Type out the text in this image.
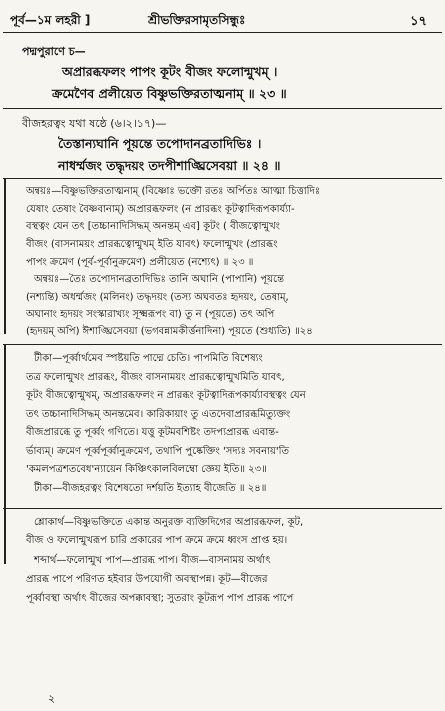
পূর্ব—১ম লহরী ]	শ্রীভক্তিরসামৃতসিন্ধুঃ	১৭
পদ্মপুরাণে চ—
অপ্রারব্ধফলং পাপং কূটং বীজং ফলোন্মুখম্ ।
ক্রমেণৈব প্রলীয়েত বিষ্ণুভক্তিরতাত্মনাম্ ॥ ২৩ ॥
বীজহরত্বং যথা ষষ্ঠে (৬।২।১৭)—
তৈস্তান্যঘানি পূয়ন্তে তপোদানব্রতাদিভিঃ ।
নাধর্ম্মজং তদ্ধৃদয়ং তদপীশাঙ্ঘ্রিসেবয়া ॥ ২৪ ॥
অন্বয়ঃ—বিষ্ণুভক্তিরতাত্মনাম্ (বিষ্ণোঃ ভক্তৌ রতঃ অর্পিতঃ আত্মা চিত্তাদিঃ
যেষাং তেষাং বৈষ্ণবানাম্) অপ্রারব্ধফলং (ন প্রারব্ধং কূটত্বাদিরূপকার্য্যা-
বস্থত্বং যেন তৎ [তচ্চানাদিসিদ্ধম্ অনন্তম্ এব] কূটং ( বীজত্বোন্মুখং
বীজং (বাসনাময়ং প্রারব্ধত্বোন্মুখম্ ইতি যাবৎ) ফলোন্মুখং (প্রারব্ধং
পাপং ক্রমেণ (পূর্ব-পূর্বানুক্রমেণ) প্রলীয়েত (নশ্যেৎ) ॥ ২৩ ॥
অন্বয়ঃ—তৈঃ তপোদানব্রতাদিভিঃ তানি অঘানি (পাপানি) পূয়ন্তে
(নশ্যন্তি) অধর্ম্মজং (মলিনং) তদ্ধৃদয়ং (তস্য অঘবতঃ হৃদয়ং, তেষাম্,
অঘানাং হৃদয়ং সংস্কারাখ্যং সূক্ষ্মরূপং বা) তু ন (পূয়তে) তৎ অপি
(হৃদয়ম্ অপি) ঈশাঙ্ঘ্রিসেবয়া (ভগবন্নামকীর্ত্তনাদিনা) পূয়তে (শুধ্যতি) ॥২৪
টীকা—পূর্ব্বার্থমেব স্পষ্টয়তি পাদ্মে চেতি। পাপমিতি বিশেষ্যং
তত্র ফলোন্মুখং প্রারব্ধং, বীজং বাসনাময়ং প্রারব্ধত্বোন্মুখমিতি যাবৎ,
কূটং বীজত্বোন্মুখম্, অপ্রারব্ধফলং ন প্রারব্ধং কূটত্বাদিরূপকার্য্যাবস্থত্বং যেন
তৎ তচ্চানাদিসিদ্ধম্ অনন্তমেব। কারিকায়াং তু এতদেবাপ্রারব্ধমিত্যুক্তং
বীজপ্রারব্ধে তু পূর্ব্বং গণিতে। যত্তু কূটমবশিষ্টং তদপ্যপ্রারব্ধ এবান্ত-
র্ভাব্যম্। ক্রমেণ পূর্ব্বপূর্ব্বানুক্রমেণ, তথাপি পুষ্কেক্তিং 'সদ্যঃ সবনায়'তি
'কমলপত্রশতবেধ'ন্যায়েন কিঞ্চিৎকালবিলম্বো জ্ঞেয় ইতি॥ ২৩॥
টীকা—বীজহরত্বং বিশেষতো দর্শয়তি ইত্যাহ বীজেতি ॥ ২৪॥
শ্লোকার্থ—বিষ্ণুভক্তিতে একান্ত অনুরক্ত ব্যক্তিদিগের অপ্রারব্ধফল, কূট,
বীজ ও ফলোন্মুখরূপ চারি প্রকারের পাপ ক্রমে ক্রমে ধ্বংস প্রাপ্ত হয়।
শব্দার্থ—ফলোন্মুখ পাপ—প্রারব্ধ পাপ। বীজ—বাসনাময় অর্থাৎ
প্রারব্ধ পাপে পরিণত হইবার উপযোগী অবস্থাপন্ন। কূট—বীজের
পূর্ব্বাবস্থা অর্থাৎ বীজের অপক্কাবস্থা; সুতরাং কূটরূপ পাপ প্রারব্ধ পাপে
২
